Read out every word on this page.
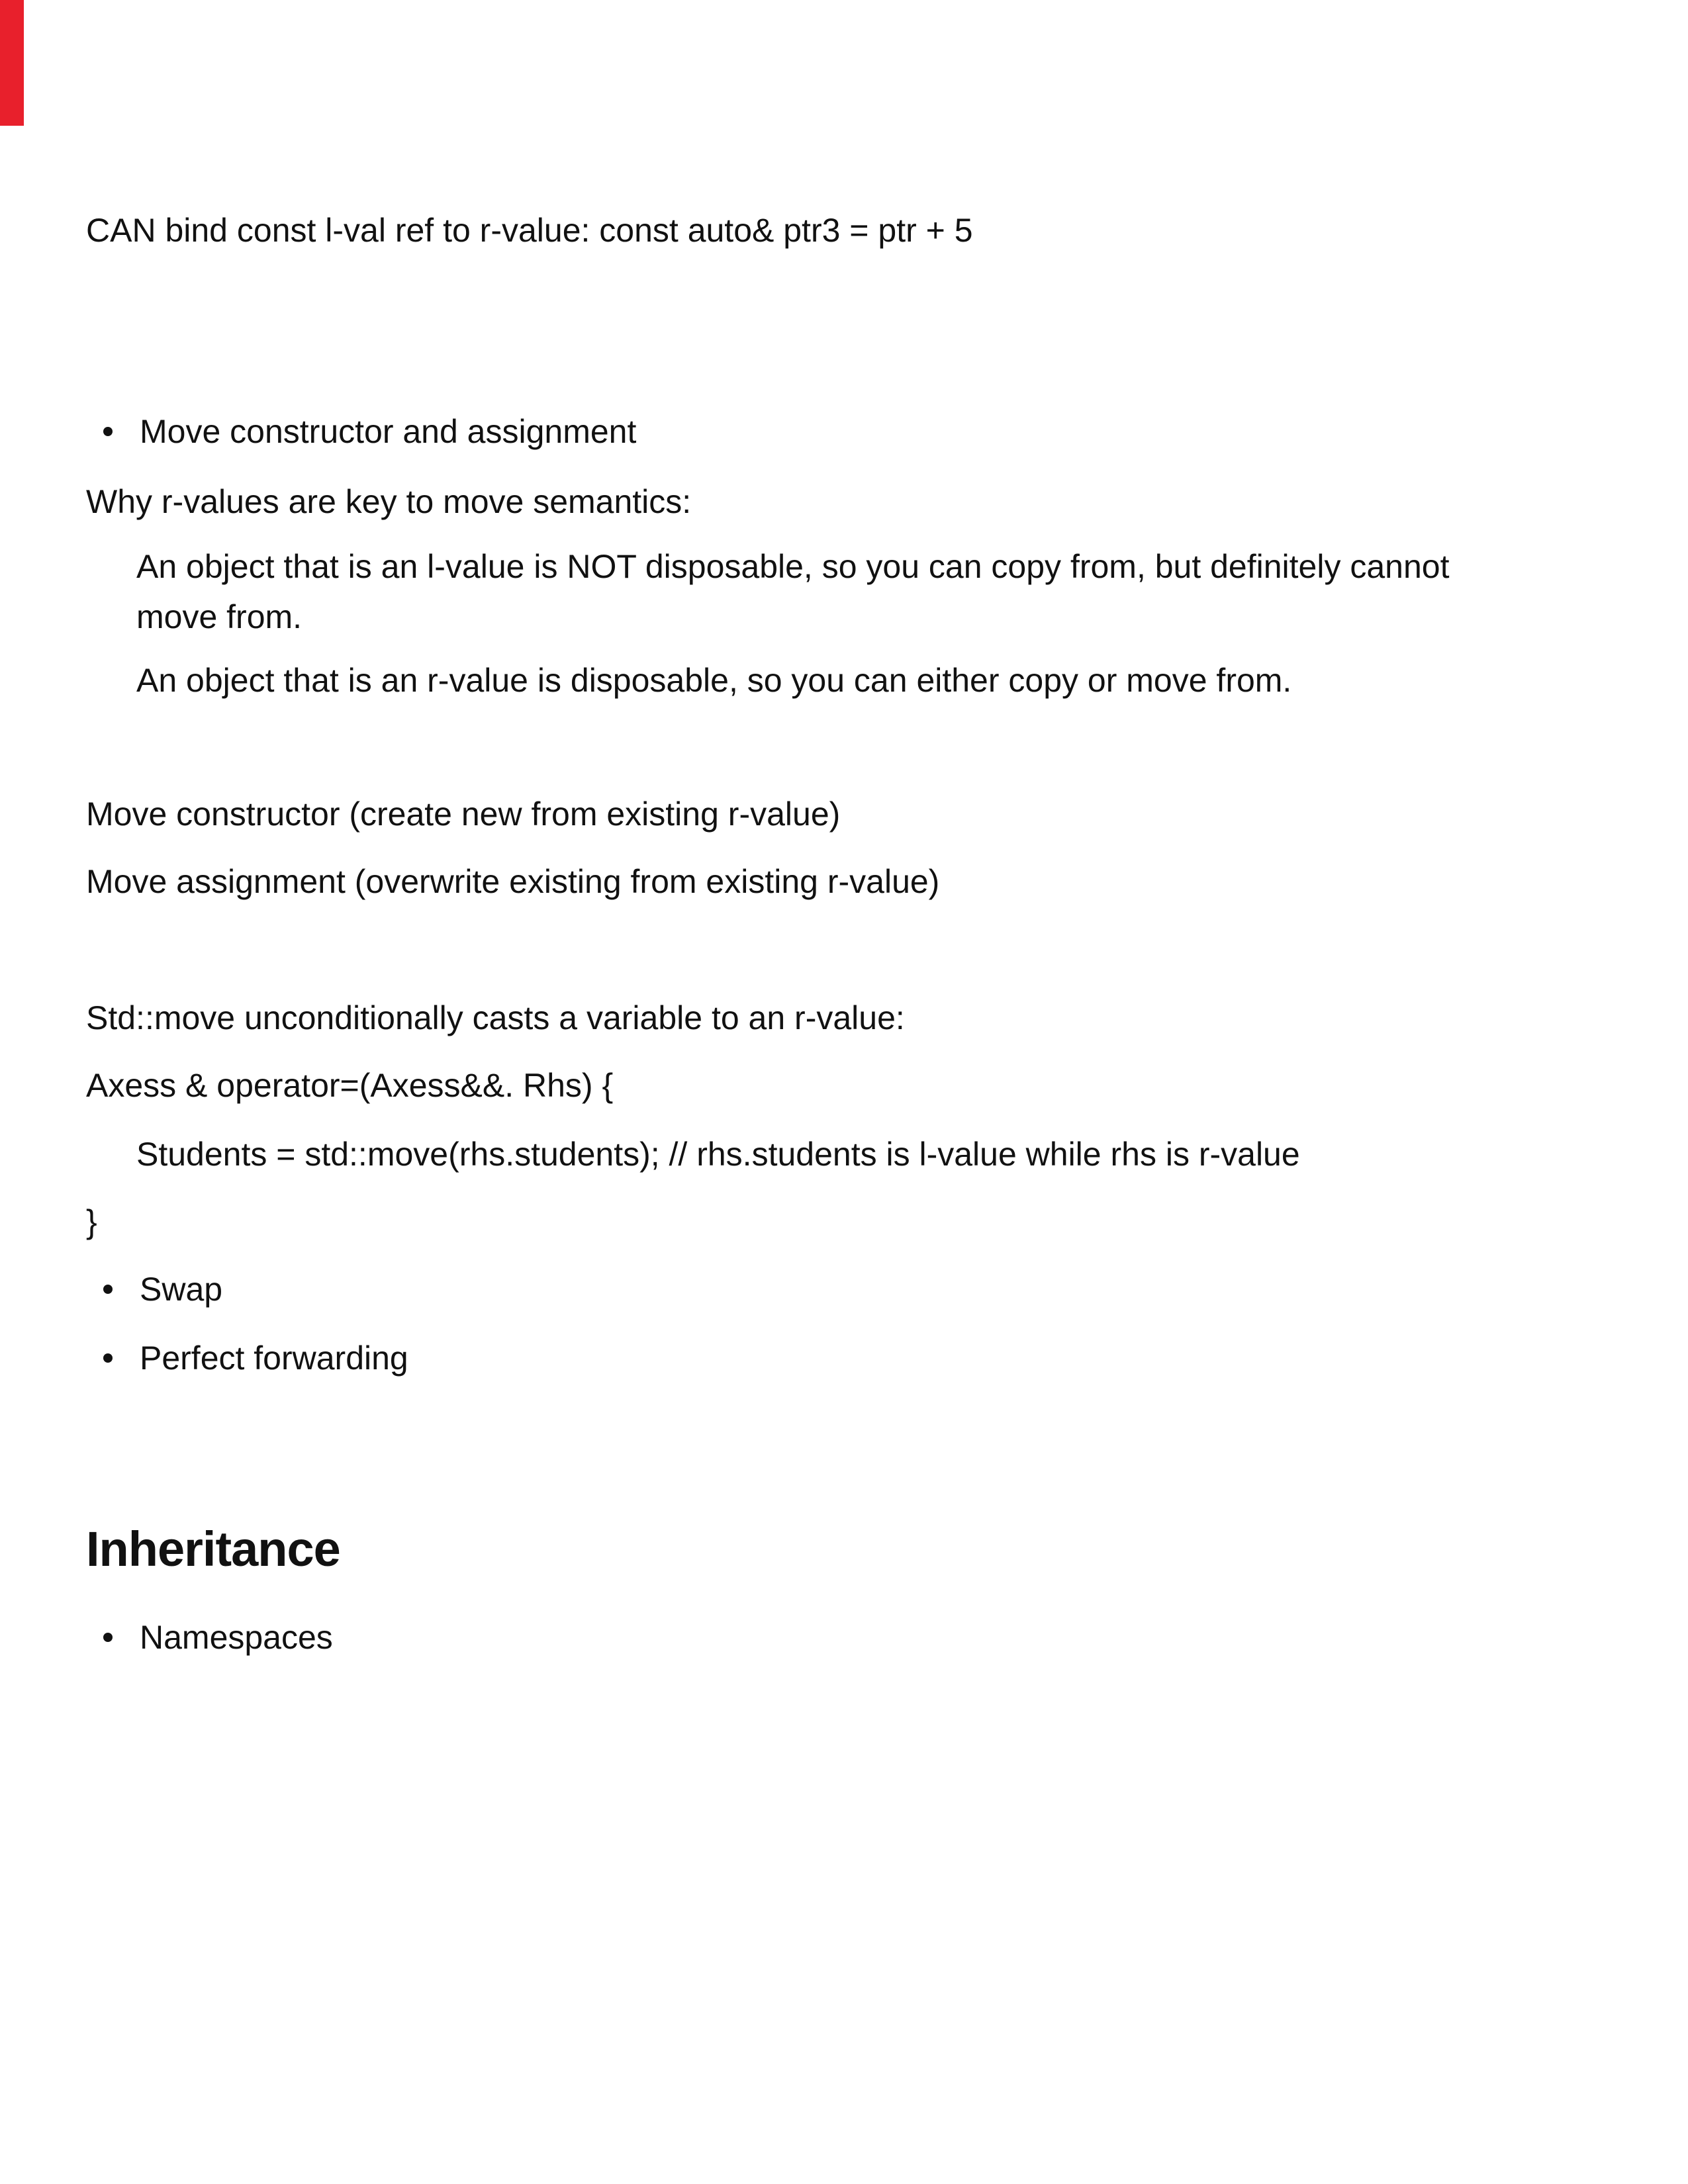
CAN bind const l-val ref to r-value: const auto& ptr3 = ptr + 5

Move constructor and assignment

Why r-values are key to move semantics:

An object that is an l-value is NOT disposable, so you can copy from, but definitely cannot
move from.

An object that is an r-value is disposable, so you can either copy or move from.

Move constructor (create new from existing r-value)

Move assignment (overwrite existing from existing r-value)

Std::move unconditionally casts a variable to an r-value:

Axess & operator=(Axess&&. Rhs) {

Students = std::move(rhs.students); // rhs.students is l-value while rhs is r-value

}

Swap
Perfect forwarding
Inheritance
Namespaces
